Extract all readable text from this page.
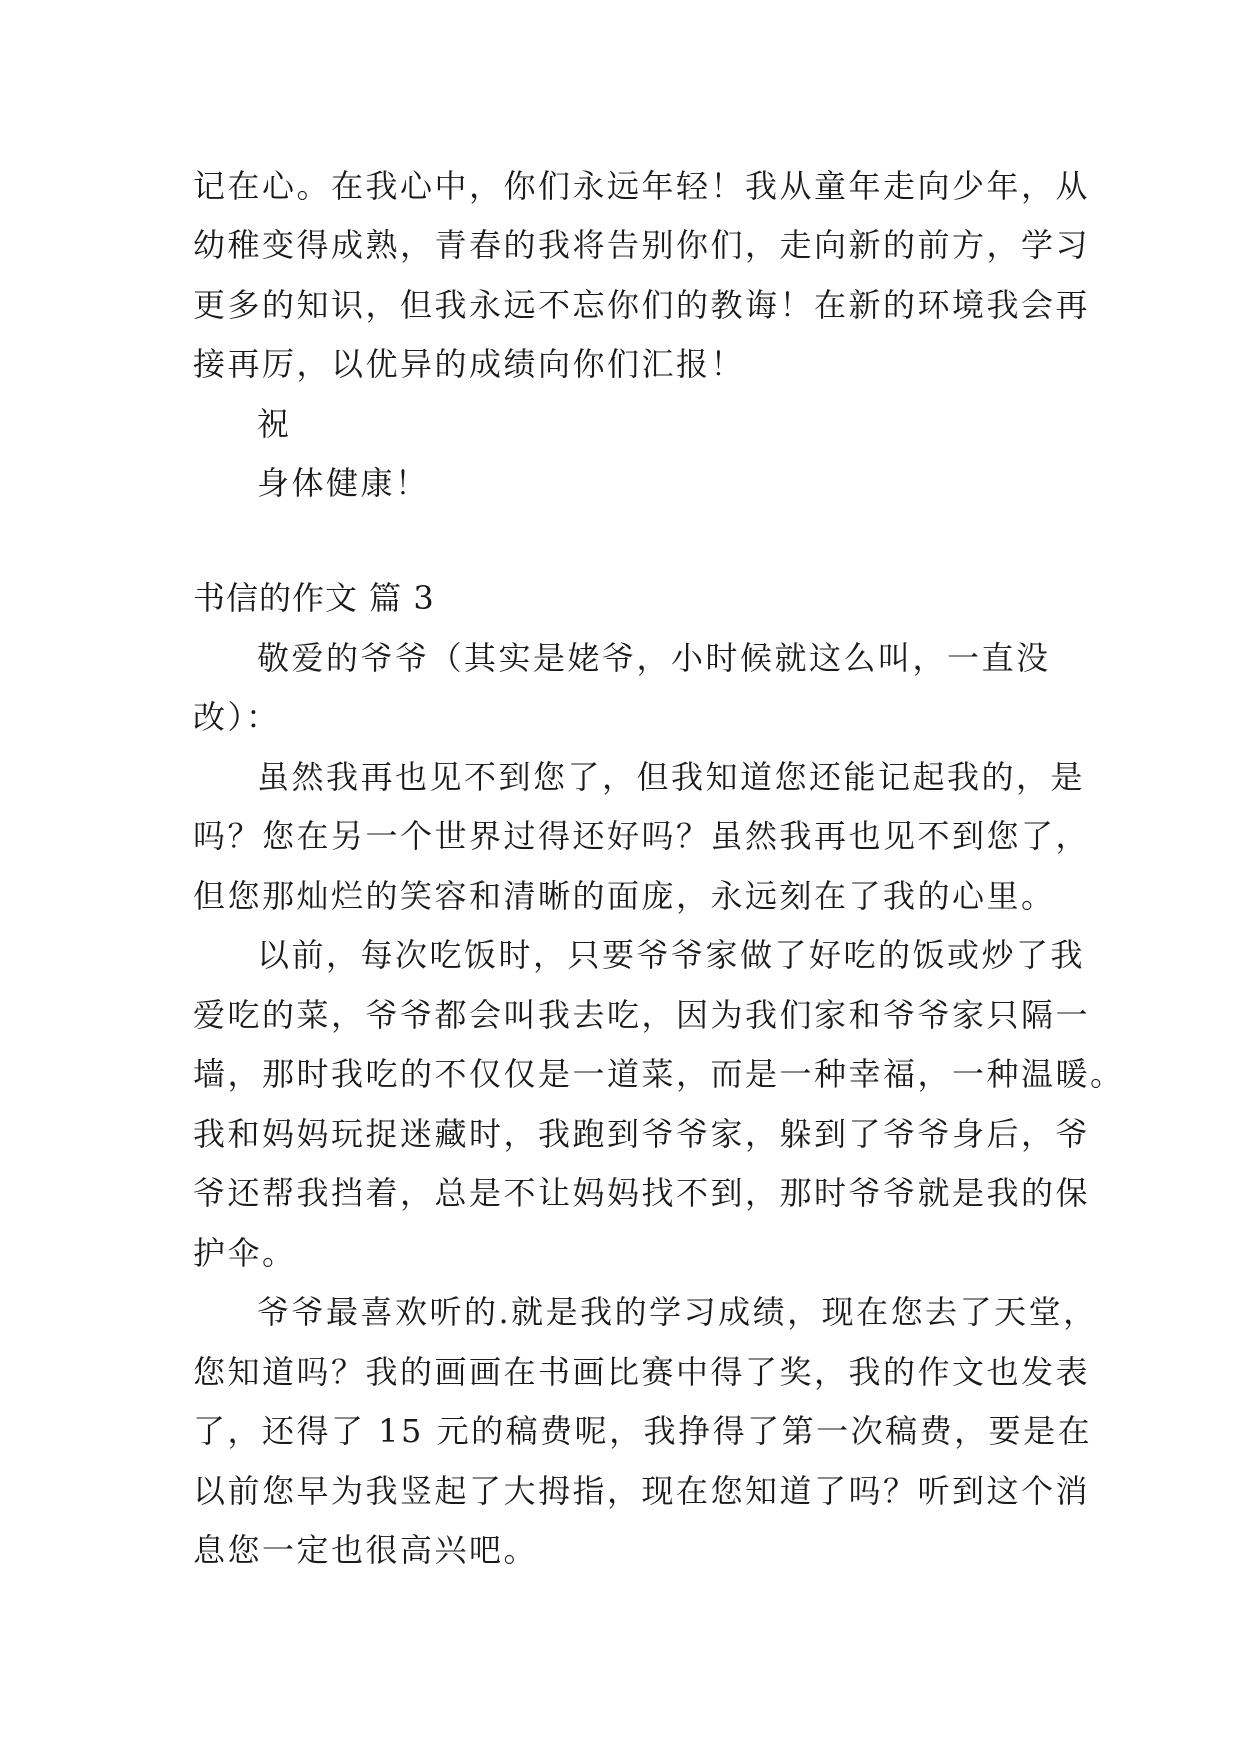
记在心。在我心中，你们永远年轻！我从童年走向少年，从
幼稚变得成熟，青春的我将告别你们，走向新的前方，学习
更多的知识，但我永远不忘你们的教诲！在新的环境我会再
接再厉，以优异的成绩向你们汇报！
祝
身体健康！
书信的作文 篇 3
敬爱的爷爷（其实是姥爷，小时候就这么叫，一直没
改）：
虽然我再也见不到您了，但我知道您还能记起我的，是
吗？您在另一个世界过得还好吗？虽然我再也见不到您了，
但您那灿烂的笑容和清晰的面庞，永远刻在了我的心里。
以前，每次吃饭时，只要爷爷家做了好吃的饭或炒了我
爱吃的菜，爷爷都会叫我去吃，因为我们家和爷爷家只隔一
墙，那时我吃的不仅仅是一道菜，而是一种幸福，一种温暖。
我和妈妈玩捉迷藏时，我跑到爷爷家，躲到了爷爷身后，爷
爷还帮我挡着，总是不让妈妈找不到，那时爷爷就是我的保
护伞。
爷爷最喜欢听的.就是我的学习成绩，现在您去了天堂，
您知道吗？我的画画在书画比赛中得了奖，我的作文也发表
了，还得了 15 元的稿费呢，我挣得了第一次稿费，要是在
以前您早为我竖起了大拇指，现在您知道了吗？听到这个消
息您一定也很高兴吧。
